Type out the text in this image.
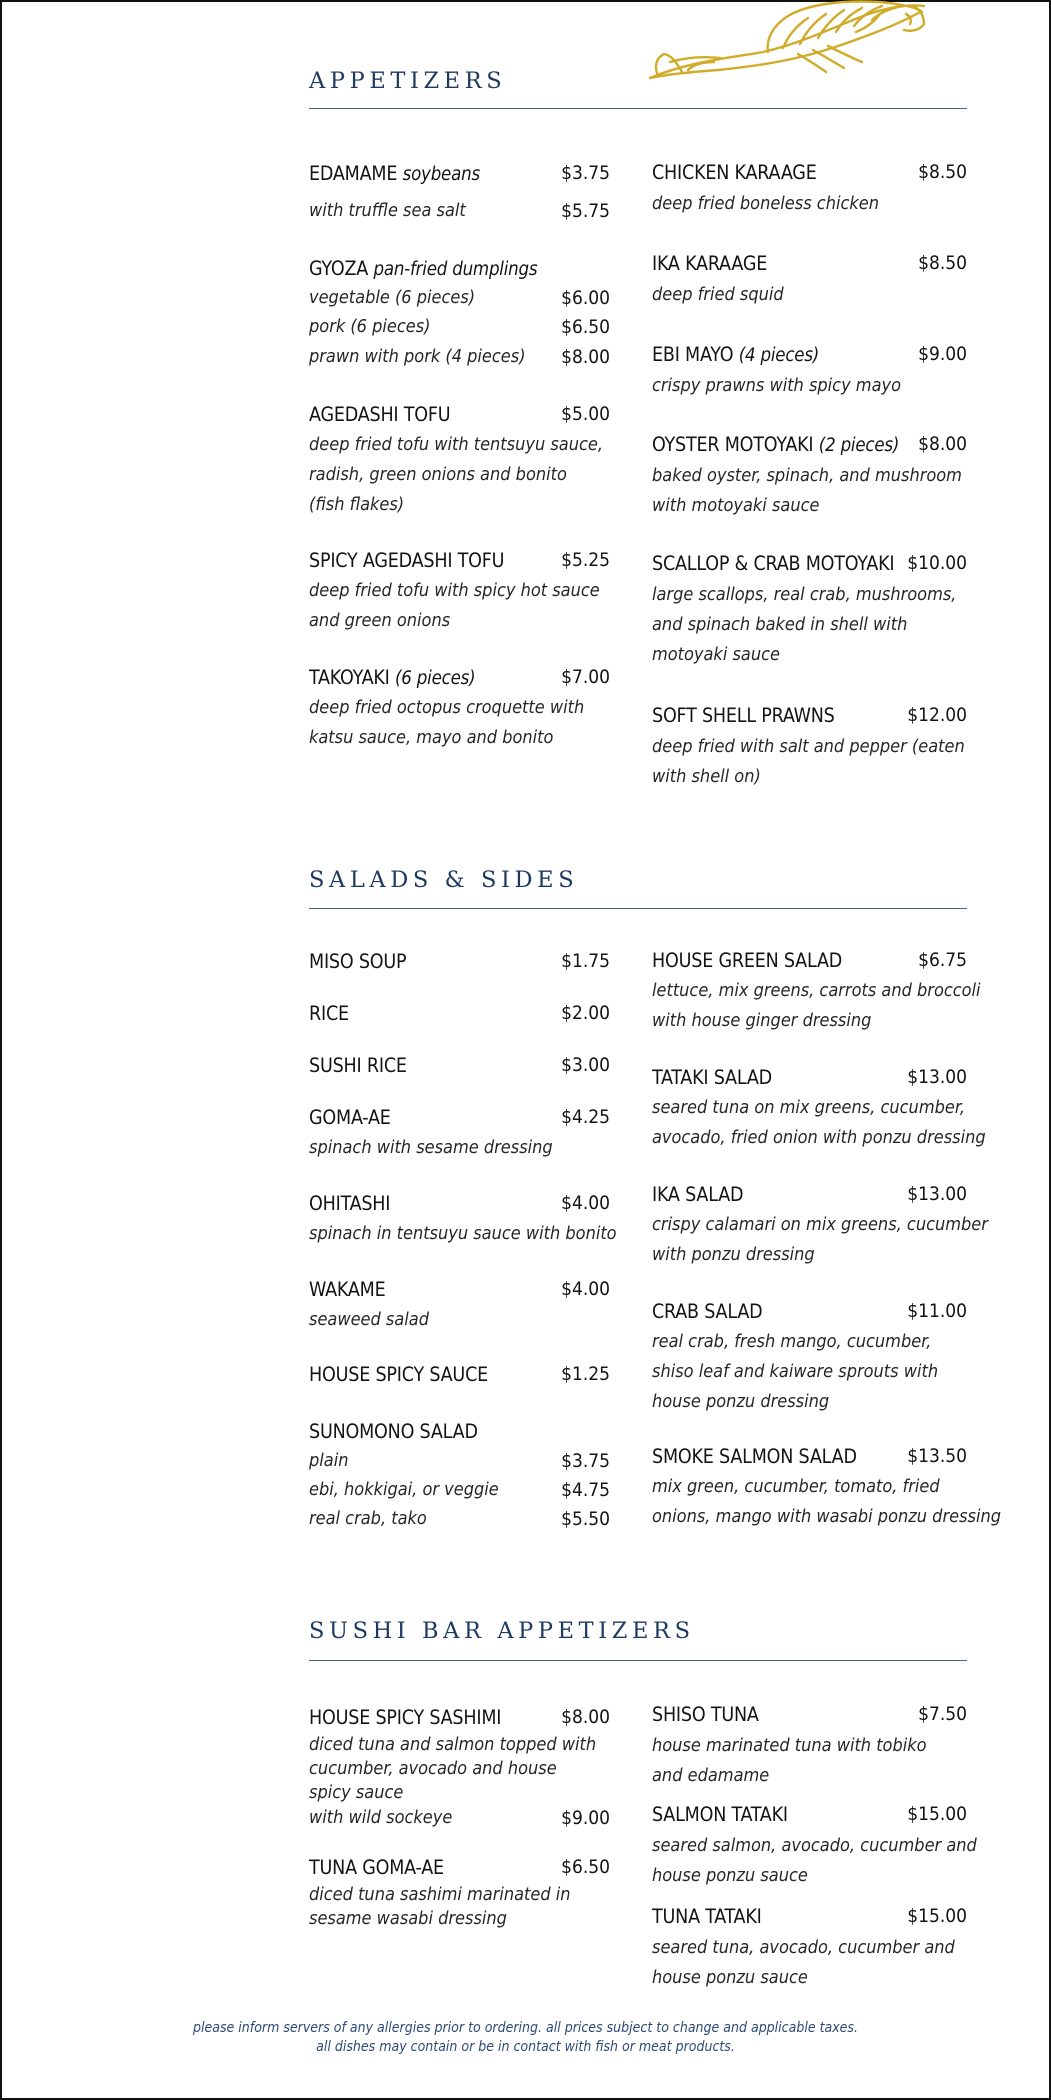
APPETIZERS
EDAMAME soybeans	$3.75
with truffle sea salt	$5.75
GYOZA pan-fried dumplings
vegetable (6 pieces)	$6.00
pork (6 pieces)	$6.50
prawn with pork (4 pieces) $8.00
AGEDASHI TOFU	$5.00
deep fried tofu with tentsuyu sauce,
radish, green onions and bonito
(fish flakes)
SPICY AGEDASHI TOFU	$5.25
deep fried tofu with spicy hot sauce
and green onions
TAKOYAKI (6 pieces)	$7.00
deep fried octopus croquette with
katsu sauce, mayo and bonito
CHICKEN KARAAGE	$8.50
deep fried boneless chicken
IKA KARAAGE	$8.50
deep fried squid
EBI MAYO (4 pieces)	$9.00
crispy prawns with spicy mayo
OYSTER MOTOYAKI (2 pieces) $8.00
baked oyster, spinach, and mushroom
with motoyaki sauce
SCALLOP & CRAB MOTOYAKI $10.00
large scallops, real crab, mushrooms,
and spinach baked in shell with
motoyaki sauce
SOFT SHELL PRAWNS	$12.00
deep fried with salt and pepper (eaten
with shell on)
SALADS & SIDES
MISO SOUP	$1.75
RICE	$2.00
SUSHI RICE	$3.00
GOMA-AE	$4.25
spinach with sesame dressing
OHITASHI	$4.00
spinach in tentsuyu sauce with bonito
WAKAME	$4.00
seaweed salad
HOUSE SPICY SAUCE	$1.25
SUNOMONO SALAD
plain	$3.75
ebi, hokkigai, or veggie	$4.75
real crab, tako	$5.50
HOUSE GREEN SALAD	$6.75
lettuce, mix greens, carrots and broccoli
with house ginger dressing
TATAKI SALAD	$13.00
seared tuna on mix greens, cucumber,
avocado, fried onion with ponzu dressing
IKA SALAD	$13.00
crispy calamari on mix greens, cucumber
with ponzu dressing
CRAB SALAD	$11.00
real crab, fresh mango, cucumber,
shiso leaf and kaiware sprouts with
house ponzu dressing
SMOKE SALMON SALAD	$13.50
mix green, cucumber, tomato, fried
onions, mango with wasabi ponzu dressing
SUSHI BAR APPETIZERS
HOUSE SPICY SASHIMI	$8.00
diced tuna and salmon topped with
cucumber, avocado and house
spicy sauce
with wild sockeye	$9.00
TUNA GOMA-AE	$6.50
diced tuna sashimi marinated in
sesame wasabi dressing
SHISO TUNA	$7.50
house marinated tuna with tobiko
and edamame
SALMON TATAKI	$15.00
seared salmon, avocado, cucumber and
house ponzu sauce
TUNA TATAKI	$15.00
seared tuna, avocado, cucumber and
house ponzu sauce
please inform servers of any allergies prior to ordering. all prices subject to change and applicable taxes.
all dishes may contain or be in contact with fish or meat products.
